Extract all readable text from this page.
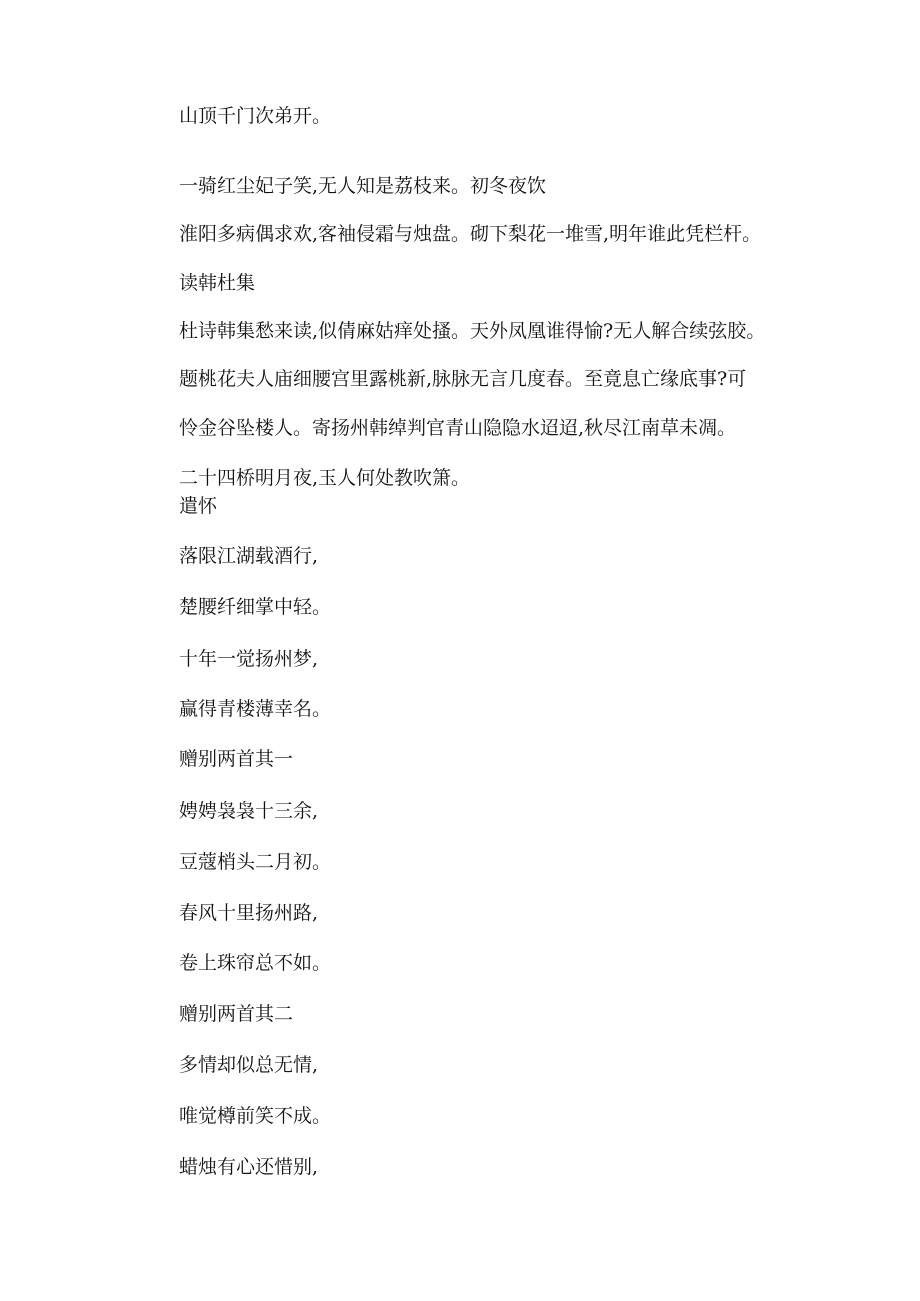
山顶千门次弟开。
一骑红尘妃子笑,无人知是荔枝来。初冬夜饮
淮阳多病偶求欢,客袖侵霜与烛盘。砌下梨花一堆雪,明年谁此凭栏杆。
读韩杜集
杜诗韩集愁来读,似倩麻姑痒处搔。天外凤凰谁得愉?无人解合续弦胶。
题桃花夫人庙细腰宫里露桃新,脉脉无言几度春。至竟息亡缘底事?可
怜金谷坠楼人。寄扬州韩绰判官青山隐隐水迢迢,秋尽江南草未凋。
二十四桥明月夜,玉人何处教吹箫。
遣怀
落限江湖载酒行,
楚腰纤细掌中轻。
十年一觉扬州梦,
赢得青楼薄幸名。
赠别两首其一
娉娉袅袅十三余,
豆蔻梢头二月初。
春风十里扬州路,
卷上珠帘总不如。
赠别两首其二
多情却似总无情,
唯觉樽前笑不成。
蜡烛有心还惜别,
